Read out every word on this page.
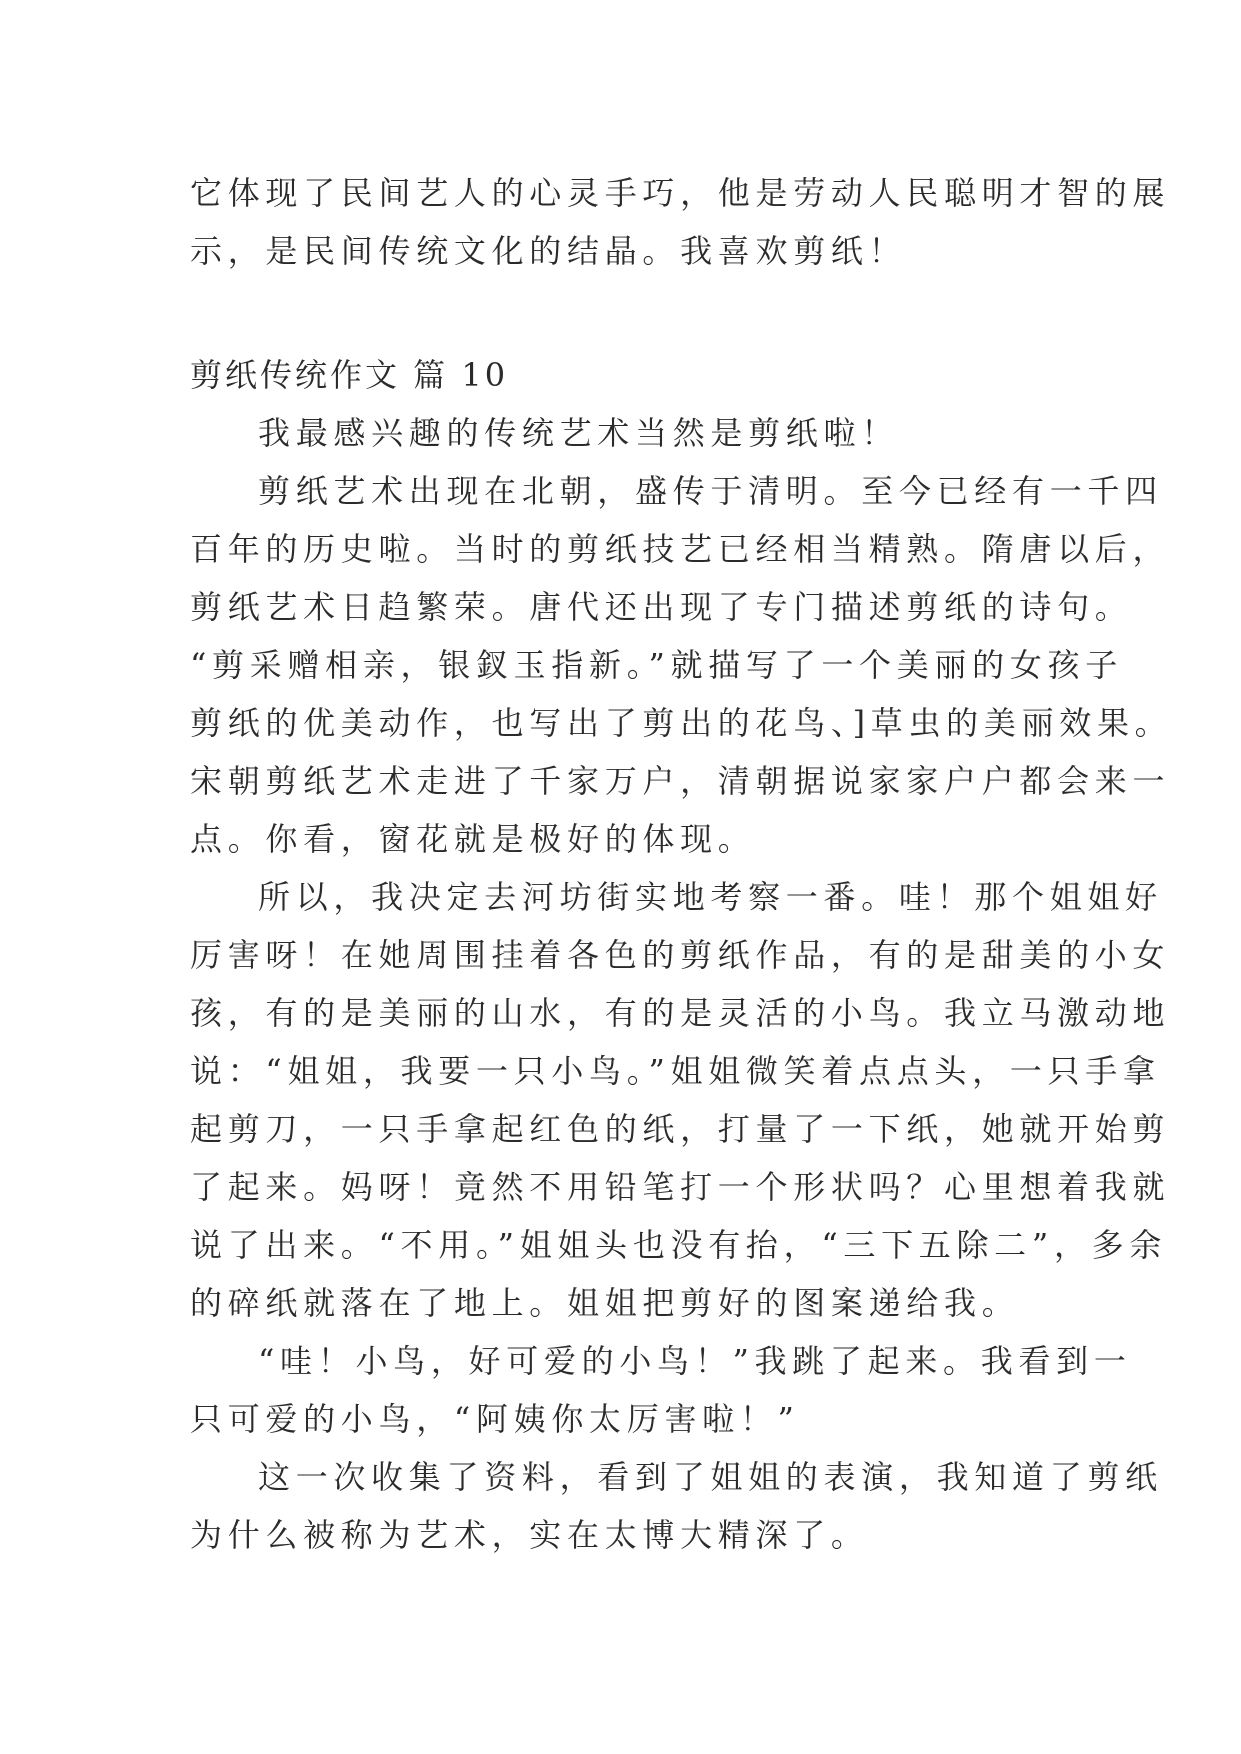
它体现了民间艺人的心灵手巧，他是劳动人民聪明才智的展

示，是民间传统文化的结晶。我喜欢剪纸！

剪纸传统作文 篇 10

我最感兴趣的传统艺术当然是剪纸啦！

剪纸艺术出现在北朝，盛传于清明。至今已经有一千四

百年的历史啦。当时的剪纸技艺已经相当精熟。隋唐以后，

剪纸艺术日趋繁荣。唐代还出现了专门描述剪纸的诗句。

“剪采赠相亲，银釵玉指新。”就描写了一个美丽的女孩子

剪纸的优美动作，也写出了剪出的花鸟、]草虫的美丽效果。

宋朝剪纸艺术走进了千家万户，清朝据说家家户户都会来一

点。你看，窗花就是极好的体现。

所以，我决定去河坊街实地考察一番。哇！那个姐姐好

厉害呀！在她周围挂着各色的剪纸作品，有的是甜美的小女

孩，有的是美丽的山水，有的是灵活的小鸟。我立马激动地

说：“姐姐，我要一只小鸟。”姐姐微笑着点点头，一只手拿

起剪刀，一只手拿起红色的纸，打量了一下纸，她就开始剪

了起来。妈呀！竟然不用铅笔打一个形状吗？心里想着我就

说了出来。“不用。”姐姐头也没有抬，“三下五除二”，多余

的碎纸就落在了地上。姐姐把剪好的图案递给我。

“哇！小鸟，好可爱的小鸟！”我跳了起来。我看到一

只可爱的小鸟，“阿姨你太厉害啦！”

这一次收集了资料，看到了姐姐的表演，我知道了剪纸

为什么被称为艺术，实在太博大精深了。
